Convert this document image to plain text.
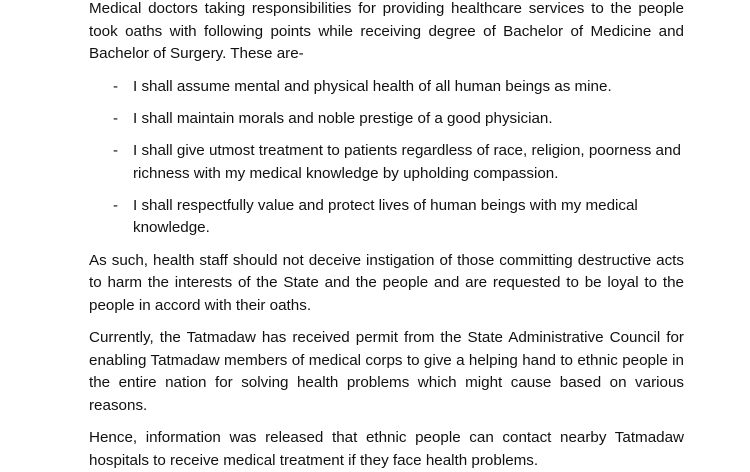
Medical doctors taking responsibilities for providing healthcare services to the people took oaths with following points while receiving degree of Bachelor of Medicine and Bachelor of Surgery. These are-

- I shall assume mental and physical health of all human beings as mine.
- I shall maintain morals and noble prestige of a good physician.
- I shall give utmost treatment to patients regardless of race, religion, poorness and richness with my medical knowledge by upholding compassion.
- I shall respectfully value and protect lives of human beings with my medical knowledge.

As such, health staff should not deceive instigation of those committing destructive acts to harm the interests of the State and the people and are requested to be loyal to the people in accord with their oaths.

Currently, the Tatmadaw has received permit from the State Administrative Council for enabling Tatmadaw members of medical corps to give a helping hand to ethnic people in the entire nation for solving health problems which might cause based on various reasons.

Hence, information was released that ethnic people can contact nearby Tatmadaw hospitals to receive medical treatment if they face health problems.
